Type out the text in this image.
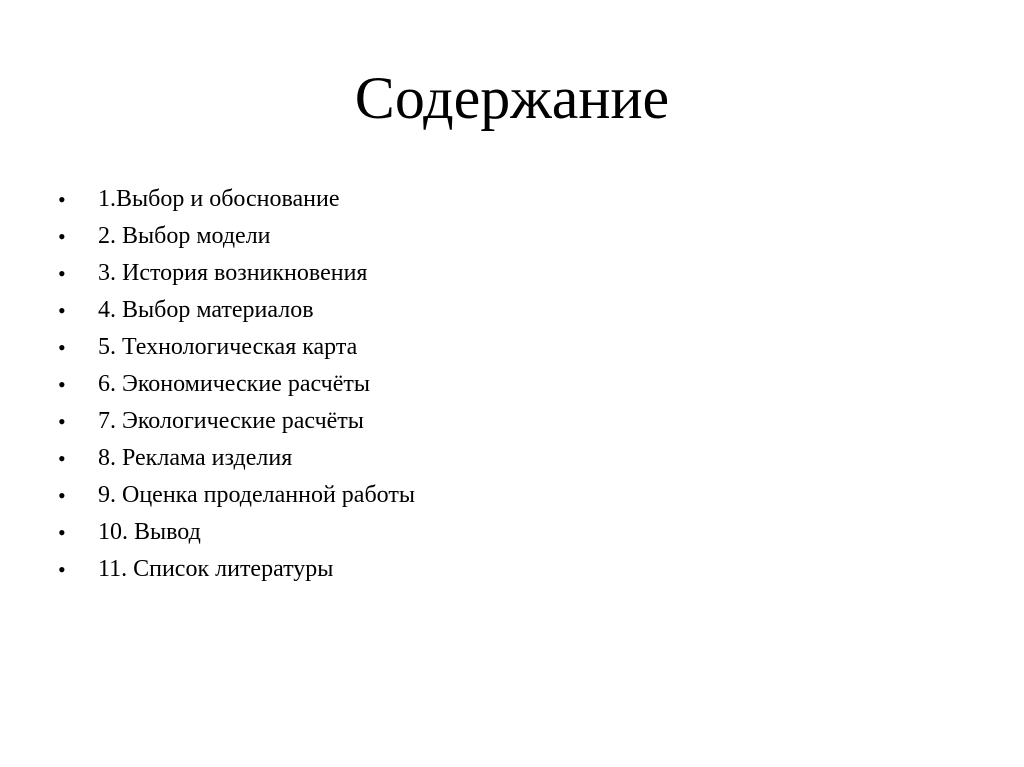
Содержание
•	1.Выбор и обоснование
•	2. Выбор модели
•	3. История возникновения
•	4. Выбор материалов
•	5. Технологическая карта
•	6. Экономические расчёты
•	7. Экологические расчёты
•	8. Реклама изделия
•	9. Оценка проделанной работы
•	10. Вывод
•	11. Список литературы
